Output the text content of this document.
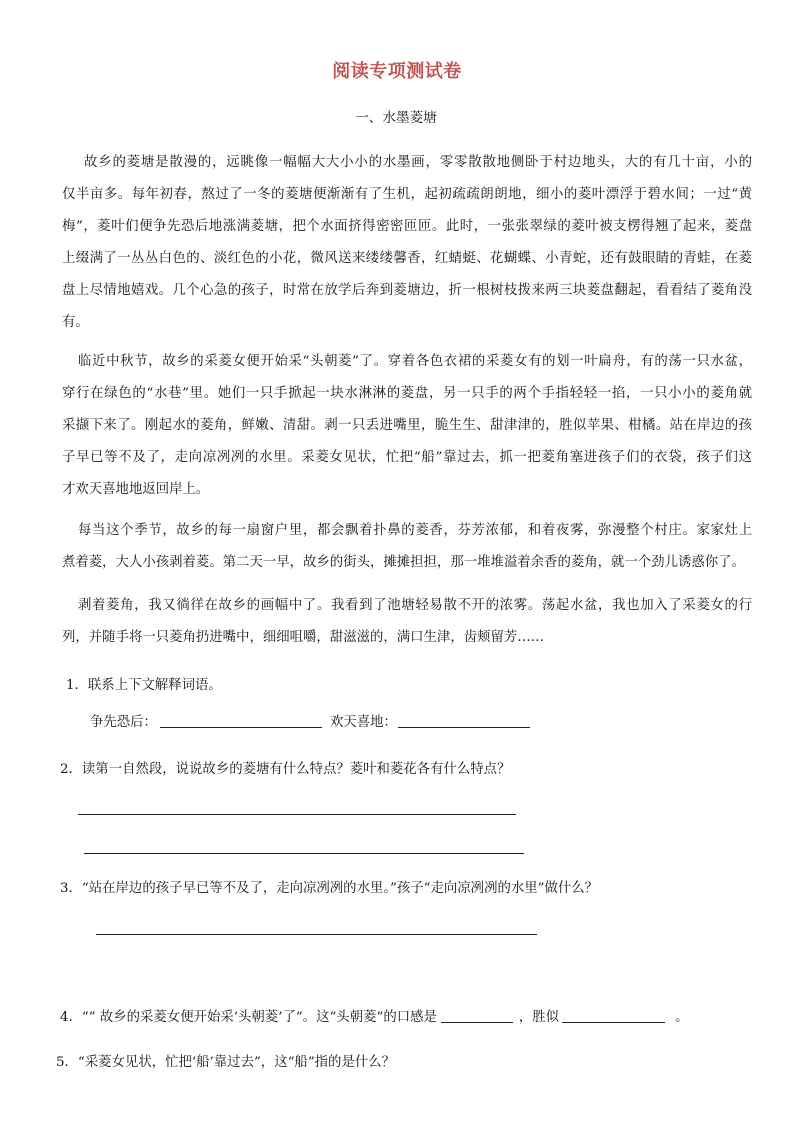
阅读专项测试卷
一、水墨菱塘
故乡的菱塘是散漫的，远眺像一幅幅大大小小的水墨画，零零散散地侧卧于村边地头，大的有几十亩，小的
仅半亩多。每年初春，熬过了一冬的菱塘便渐渐有了生机，起初疏疏朗朗地，细小的菱叶漂浮于碧水间；一过“黄
梅”，菱叶们便争先恐后地涨满菱塘，把个水面挤得密密匝匝。此时，一张张翠绿的菱叶被支楞得翘了起来，菱盘
上缀满了一丛丛白色的、淡红色的小花，微风送来缕缕馨香，红蜻蜓、花蝴蝶、小青蛇，还有鼓眼睛的青蛙，在菱
盘上尽情地嬉戏。几个心急的孩子，时常在放学后奔到菱塘边，折一根树枝拨来两三块菱盘翻起，看看结了菱角没
有。
临近中秋节，故乡的采菱女便开始采“头朝菱”了。穿着各色衣裙的采菱女有的划一叶扁舟，有的荡一只水盆，
穿行在绿色的“水巷”里。她们一只手掀起一块水淋淋的菱盘，另一只手的两个手指轻轻一掐，一只小小的菱角就
采撷下来了。刚起水的菱角，鲜嫩、清甜。剥一只丢进嘴里，脆生生、甜津津的，胜似苹果、柑橘。站在岸边的孩
子早已等不及了，走向凉冽冽的水里。采菱女见状，忙把“船”靠过去，抓一把菱角塞进孩子们的衣袋，孩子们这
才欢天喜地地返回岸上。
每当这个季节，故乡的每一扇窗户里，都会飘着扑鼻的菱香，芬芳浓郁，和着夜雾，弥漫整个村庄。家家灶上
煮着菱，大人小孩剥着菱。第二天一早，故乡的街头，摊摊担担，那一堆堆溢着余香的菱角，就一个劲儿诱惑你了。
剥着菱角，我又徜徉在故乡的画幅中了。我看到了池塘轻易散不开的浓雾。荡起水盆，我也加入了采菱女的行
列，并随手将一只菱角扔进嘴中，细细咀嚼，甜滋滋的，满口生津，齿颊留芳……
1．联系上下文解释词语。
争先恐后：	欢天喜地：
2．读第一自然段，说说故乡的菱塘有什么特点？菱叶和菱花各有什么特点？
3．“站在岸边的孩子早已等不及了，走向凉冽冽的水里。”孩子“走向凉冽冽的水里”做什么？
4．“” 故乡的采菱女便开始采‘头朝菱’了”。这“头朝菱”的口感是	，胜似	。
5．“采菱女见状，忙把‘船’靠过去”，这“船”指的是什么？
